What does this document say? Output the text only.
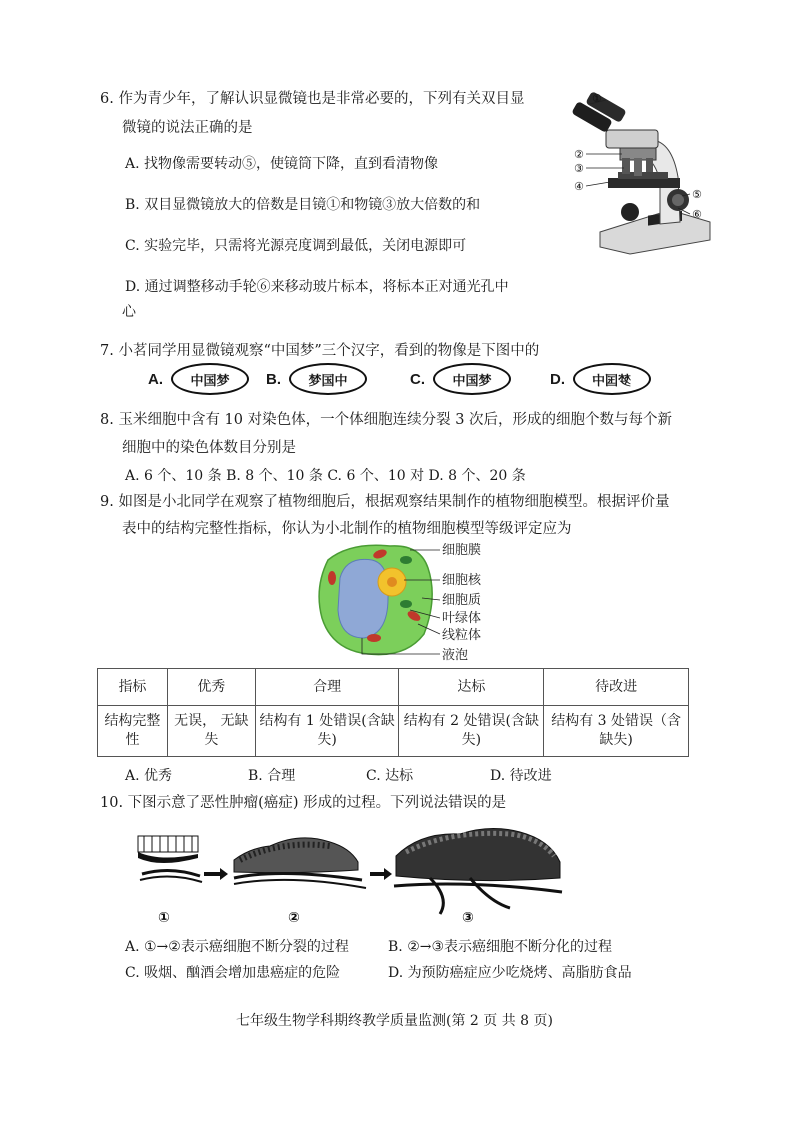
6. 作为青少年，了解认识显微镜也是非常必要的，下列有关双目显
微镜的说法正确的是
A. 找物像需要转动⑤，使镜筒下降，直到看清物像
B. 双目显微镜放大的倍数是目镜①和物镜③放大倍数的和
C. 实验完毕，只需将光源亮度调到最低，关闭电源即可
D. 通过调整移动手轮⑥来移动玻片标本，将标本正对通光孔中
心
①
②
③
④
⑤
⑥
7. 小茗同学用显微镜观察“中国梦”三个汉字，看到的物像是下图中的
A.	中国梦	B.	梦国中	C. 中国梦	D. 梦国中
8. 玉米细胞中含有 10 对染色体，一个体细胞连续分裂 3 次后，形成的细胞个数与每个新
细胞中的染色体数目分别是
A. 6 个、10 条 B. 8 个、10 条 C. 6 个、10 对 D. 8 个、20 条
9. 如图是小北同学在观察了植物细胞后，根据观察结果制作的植物细胞模型。根据评价量
表中的结构完整性指标，你认为小北制作的植物细胞模型等级评定应为
细胞膜
细胞核
细胞质
叶绿体
线粒体
液泡
指标	优秀	合理	达标	待改进
结构完整性	无误， 无缺失	结构有 1 处错误(含缺失)	结构有 2 处错误(含缺失)	结构有 3 处错误（含缺失)
A. 优秀	B. 合理	C. 达标	D. 待改进
10. 下图示意了恶性肿瘤(癌症) 形成的过程。下列说法错误的是
①	②	③
A. ①→②表示癌细胞不断分裂的过程	B. ②→③表示癌细胞不断分化的过程
C. 吸烟、酗酒会增加患癌症的危险	D. 为预防癌症应少吃烧烤、高脂肪食品
七年级生物学科期终教学质量监测(第 2 页 共 8 页)
